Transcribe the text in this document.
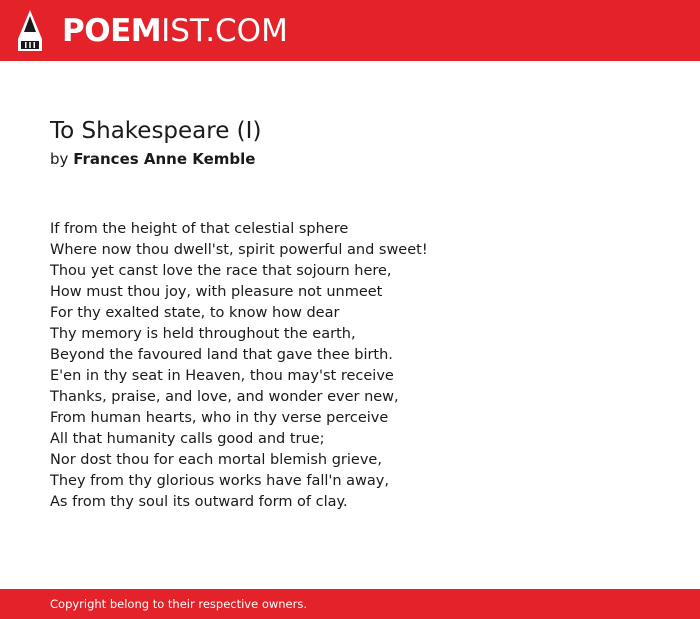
POEMIST.COM
To Shakespeare (I)
by Frances Anne Kemble
If from the height of that celestial sphere
Where now thou dwell'st, spirit powerful and sweet!
Thou yet canst love the race that sojourn here,
How must thou joy, with pleasure not unmeet
For thy exalted state, to know how dear
Thy memory is held throughout the earth,
Beyond the favoured land that gave thee birth.
E'en in thy seat in Heaven, thou may'st receive
Thanks, praise, and love, and wonder ever new,
From human hearts, who in thy verse perceive
All that humanity calls good and true;
Nor dost thou for each mortal blemish grieve,
They from thy glorious works have fall'n away,
As from thy soul its outward form of clay.
Copyright belong to their respective owners.
